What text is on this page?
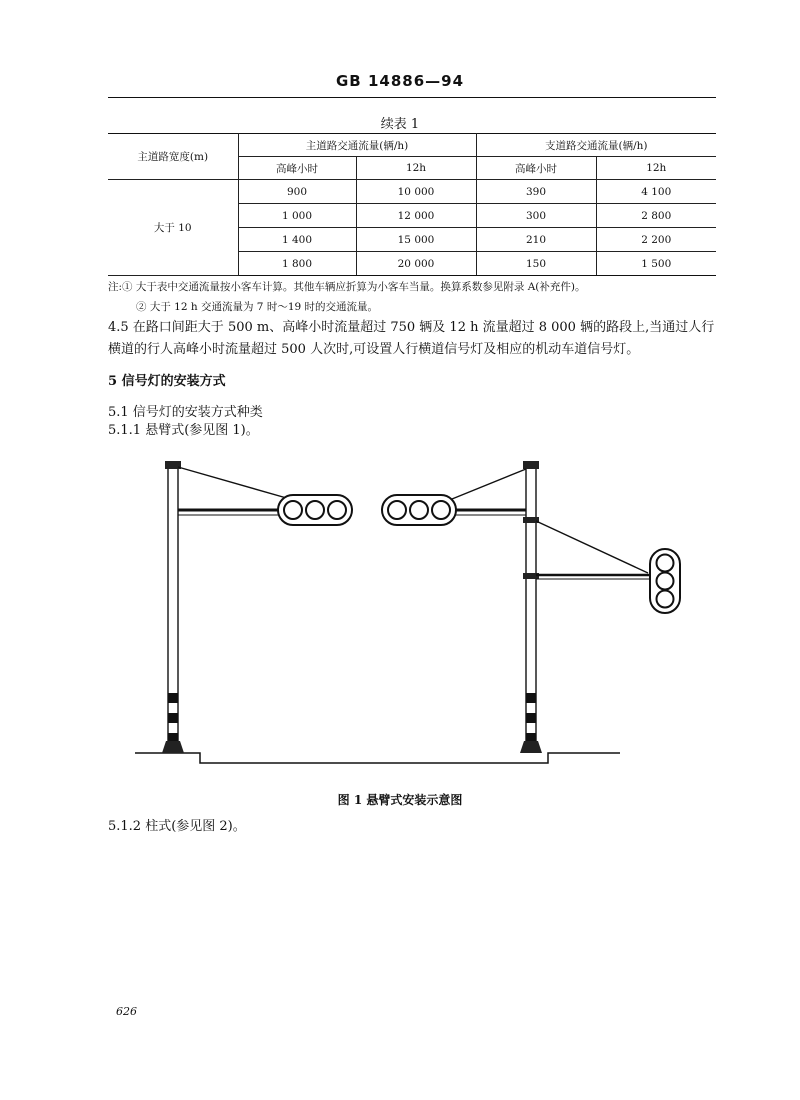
GB 14886—94
续表 1
主道路宽度(m)	主道路交通流量(辆/h)		支道路交通流量(辆/h)	
	高峰小时	12h	高峰小时	12h
大于 10	900	10 000	390	4 100
	1 000	12 000	300	2 800
	1 400	15 000	210	2 200
	1 800	20 000	150	1 500
注:① 大于表中交通流量按小客车计算。其他车辆应折算为小客车当量。换算系数参见附录 A(补充件)。
② 大于 12 h 交通流量为 7 时～19 时的交通流量。
4.5 在路口间距大于 500 m、高峰小时流量超过 750 辆及 12 h 流量超过 8 000 辆的路段上,当通过人行横道的行人高峰小时流量超过 500 人次时,可设置人行横道信号灯及相应的机动车道信号灯。
5 信号灯的安装方式
5.1 信号灯的安装方式种类
5.1.1 悬臂式(参见图 1)。
图 1 悬臂式安装示意图
5.1.2 柱式(参见图 2)。
626
